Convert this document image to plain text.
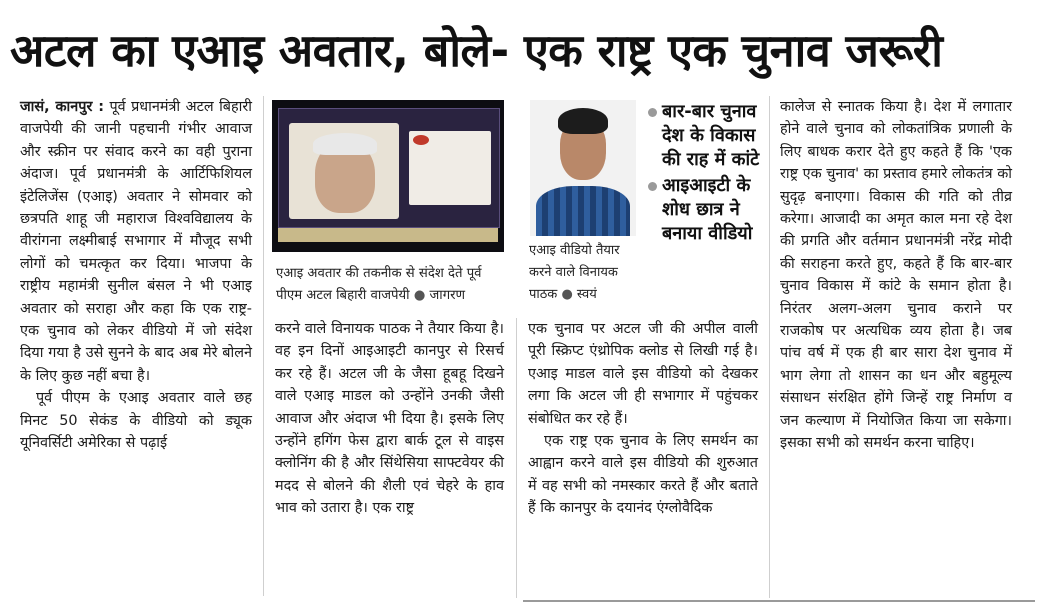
अटल का एआइ अवतार, बोले- एक राष्ट्र एक चुनाव जरूरी

जासं, कानपुर : पूर्व प्रधानमंत्री अटल बिहारी वाजपेयी की जानी पहचानी गंभीर आवाज और स्क्रीन पर संवाद करने का वही पुराना अंदाज। पूर्व प्रधानमंत्री के आर्टिफिशियल इंटेलिजेंस (एआइ) अवतार ने सोमवार को छत्रपति शाहू जी महाराज विश्वविद्यालय के वीरांगना लक्ष्मीबाई सभागार में मौजूद सभी लोगों को चमत्कृत कर दिया। भाजपा के राष्ट्रीय महामंत्री सुनील बंसल ने भी एआइ अवतार को सराहा और कहा कि एक राष्ट्र-एक चुनाव को लेकर वीडियो में जो संदेश दिया गया है उसे सुनने के बाद अब मेरे बोलने के लिए कुछ नहीं बचा है।

पूर्व पीएम के एआइ अवतार वाले छह मिनट 50 सेकंड के वीडियो को ड्यूक यूनिवर्सिटी अमेरिका से पढ़ाई

एआइ अवतार की तकनीक से संदेश देते पूर्व पीएम अटल बिहारी वाजपेयी ● जागरण

करने वाले विनायक पाठक ने तैयार किया है। वह इन दिनों आइआइटी कानपुर से रिसर्च कर रहे हैं। अटल जी के जैसा हूबहू दिखने वाले एआइ माडल को उन्होंने उनकी जैसी आवाज और अंदाज भी दिया है। इसके लिए उन्होंने हगिंग फेस द्वारा बार्क टूल से वाइस क्लोनिंग की है और सिंथेसिया साफ्टवेयर की मदद से बोलने की शैली एवं चेहरे के हाव भाव को उतारा है। एक राष्ट्र

एआइ वीडियो तैयार करने वाले विनायक पाठक ● स्वयं

बार-बार चुनाव देश के विकास की राह में कांटे

आइआइटी के शोध छात्र ने बनाया वीडियो

एक चुनाव पर अटल जी की अपील वाली पूरी स्क्रिप्ट एंथ्रोपिक क्लोड से लिखी गई है। एआइ माडल वाले इस वीडियो को देखकर लगा कि अटल जी ही सभागार में पहुंचकर संबोधित कर रहे हैं।

एक राष्ट्र एक चुनाव के लिए समर्थन का आह्वान करने वाले इस वीडियो की शुरुआत में वह सभी को नमस्कार करते हैं और बताते हैं कि कानपुर के दयानंद एंग्लोवैदिक

कालेज से स्नातक किया है। देश में लगातार होने वाले चुनाव को लोकतांत्रिक प्रणाली के लिए बाधक करार देते हुए कहते हैं कि 'एक राष्ट्र एक चुनाव' का प्रस्ताव हमारे लोकतंत्र को सुदृढ़ बनाएगा। विकास की गति को तीव्र करेगा। आजादी का अमृत काल मना रहे देश की प्रगति और वर्तमान प्रधानमंत्री नरेंद्र मोदी की सराहना करते हुए, कहते हैं कि बार-बार चुनाव विकास में कांटे के समान होता है। निरंतर अलग-अलग चुनाव कराने पर राजकोष पर अत्यधिक व्यय होता है। जब पांच वर्ष में एक ही बार सारा देश चुनाव में भाग लेगा तो शासन का धन और बहुमूल्य संसाधन संरक्षित होंगे जिन्हें राष्ट्र निर्माण व जन कल्याण में नियोजित किया जा सकेगा। इसका सभी को समर्थन करना चाहिए।
